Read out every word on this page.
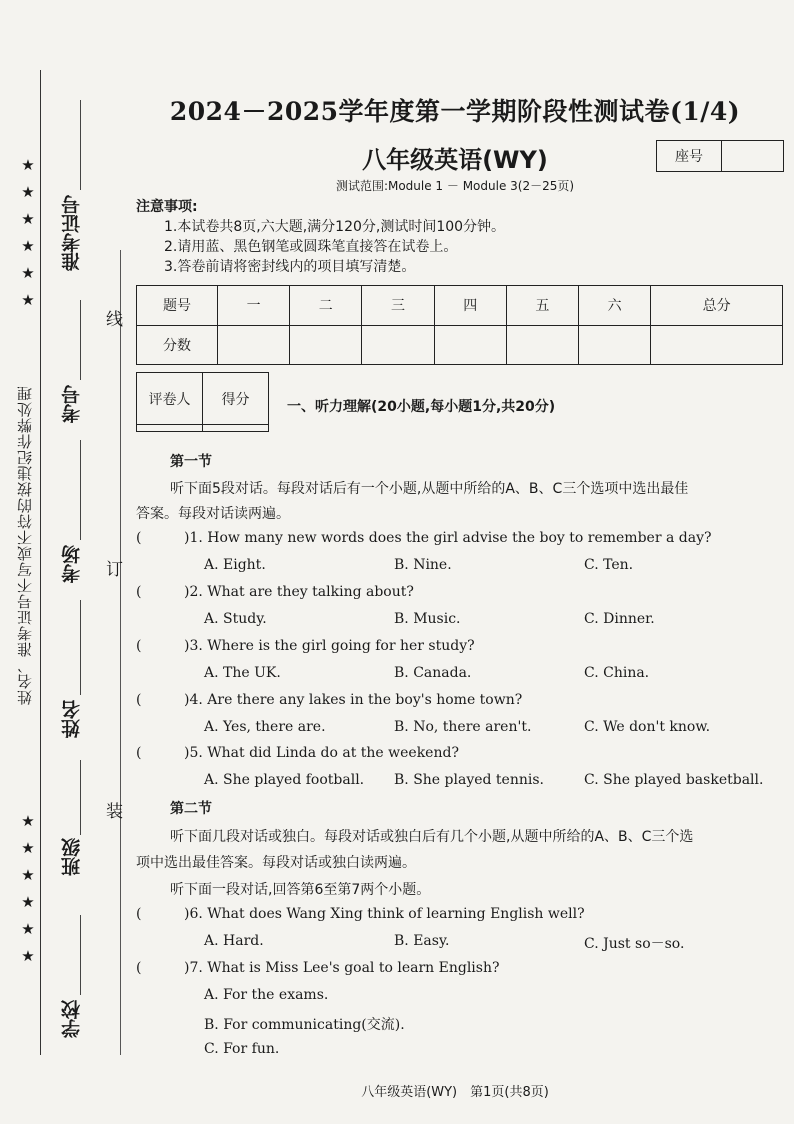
★
★
★
★
★
★
姓名、准考证号不写或不符的按违纪作弊处理
★
★
★
★
★
★
准考证号
考号
考场
姓名
班级
学校
线
订
装
2024－2025学年度第一学期阶段性测试卷(1/4)
八年级英语(WY)	座号
测试范围:Module 1 － Module 3(2－25页)
注意事项:
1.本试卷共8页,六大题,满分120分,测试时间100分钟。
2.请用蓝、黑色钢笔或圆珠笔直接答在试卷上。
3.答卷前请将密封线内的项目填写清楚。
题号	一	二	三	四	五	六	总分
分数							
评卷人	得分
		一、听力理解(20小题,每小题1分,共20分)
第一节
听下面5段对话。每段对话后有一个小题,从题中所给的A、B、C三个选项中选出最佳
答案。每段对话读两遍。
(	)1. How many new words does the girl advise the boy to remember a day?
A. Eight.	B. Nine.	C. Ten.
(	)2. What are they talking about?
A. Study.	B. Music.	C. Dinner.
(	)3. Where is the girl going for her study?
A. The UK.	B. Canada.	C. China.
(	)4. Are there any lakes in the boy's home town?
A. Yes, there are.	B. No, there aren't.	C. We don't know.
(	)5. What did Linda do at the weekend?
A. She played football. B. She played tennis.	C. She played basketball.
第二节
听下面几段对话或独白。每段对话或独白后有几个小题,从题中所给的A、B、C三个选
项中选出最佳答案。每段对话或独白读两遍。
听下面一段对话,回答第6至第7两个小题。
(	)6. What does Wang Xing think of learning English well?
A. Hard.	B. Easy.	C. Just so－so.
(	)7. What is Miss Lee's goal to learn English?
A. For the exams.
B. For communicating(交流).
C. For fun.
八年级英语(WY)　第1页(共8页)
